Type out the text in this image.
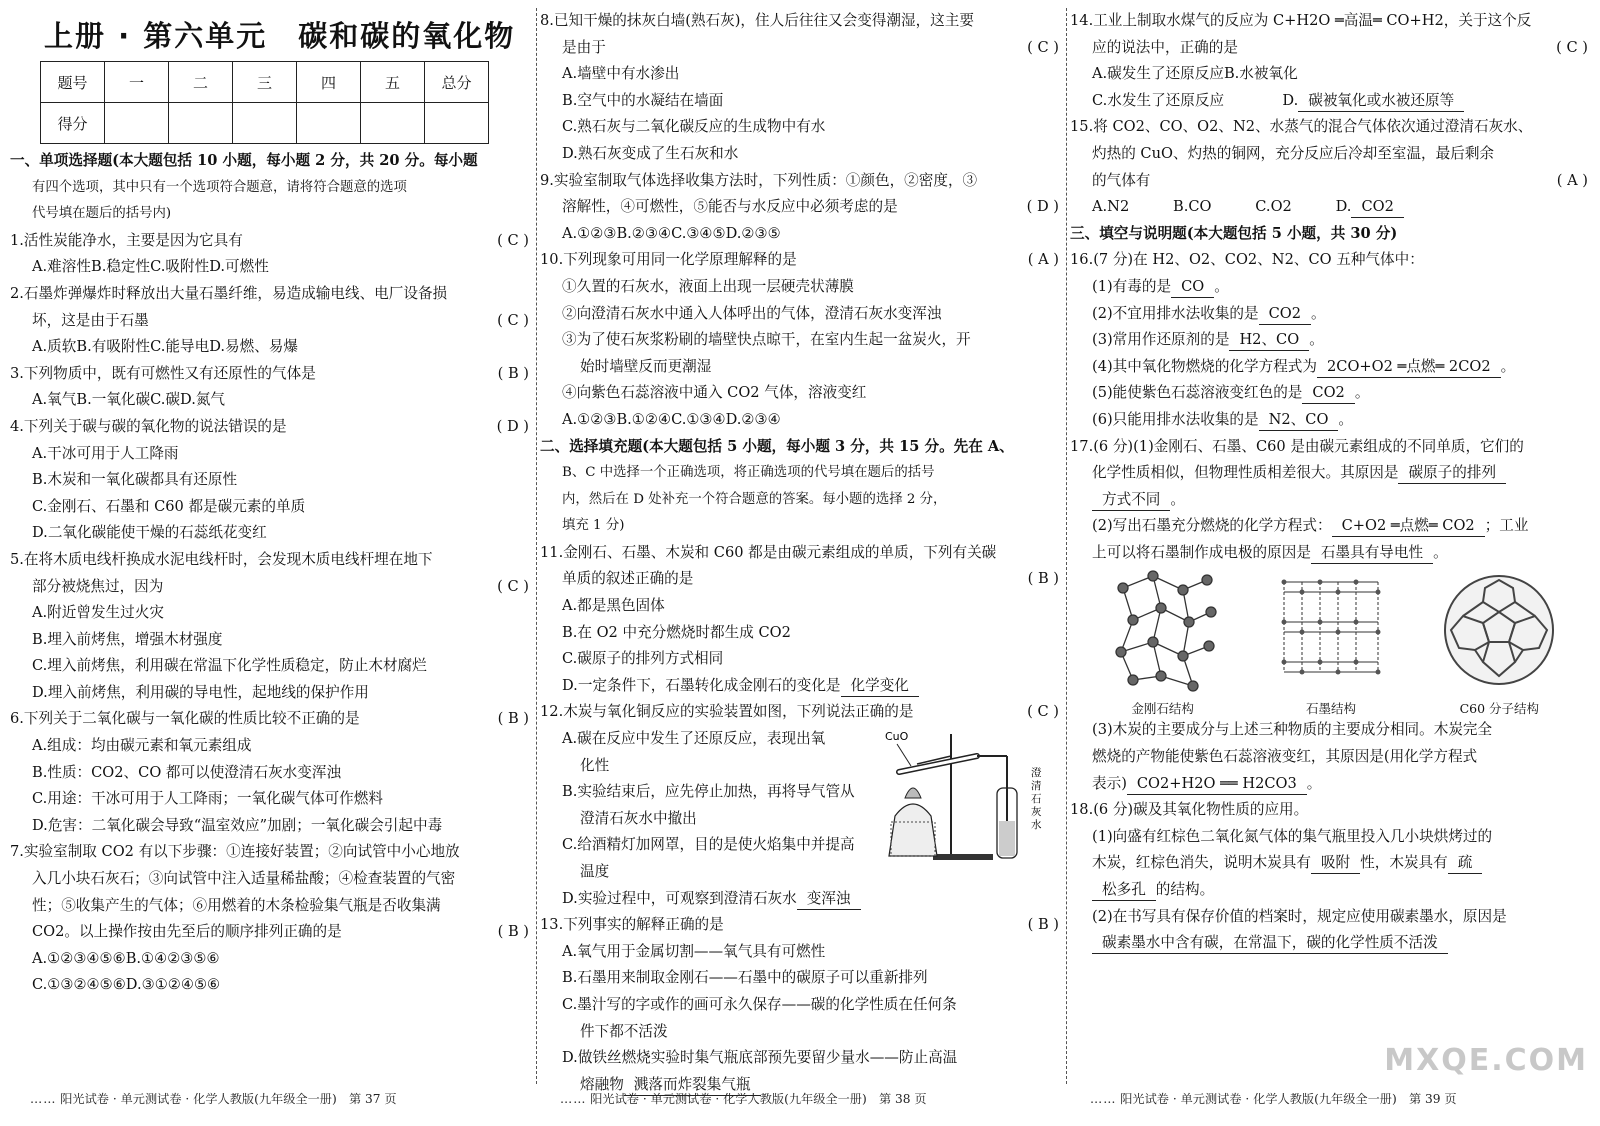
上册 · 第六单元　碳和碳的氧化物
题号	一	二	三	四	五	总分
得分						
一、单项选择题(本大题包括 10 小题，每小题 2 分，共 20 分。每小题
有四个选项，其中只有一个选项符合题意，请将符合题意的选项
代号填在题后的括号内)
1.活性炭能净水，主要是因为它具有	( C )
A.难溶性B.稳定性C.吸附性D.可燃性
2.石墨炸弹爆炸时释放出大量石墨纤维，易造成输电线、电厂设备损
坏，这是由于石墨	( C )
A.质软B.有吸附性C.能导电D.易燃、易爆
3.下列物质中，既有可燃性又有还原性的气体是	( B )
A.氧气B.一氧化碳C.碳D.氮气
4.下列关于碳与碳的氧化物的说法错误的是	( D )
A.干冰可用于人工降雨
B.木炭和一氧化碳都具有还原性
C.金刚石、石墨和 C60 都是碳元素的单质
D.二氧化碳能使干燥的石蕊纸花变红
5.在将木质电线杆换成水泥电线杆时，会发现木质电线杆埋在地下
部分被烧焦过，因为	( C )
A.附近曾发生过火灾
B.埋入前烤焦，增强木材强度
C.埋入前烤焦，利用碳在常温下化学性质稳定，防止木材腐烂
D.埋入前烤焦，利用碳的导电性，起地线的保护作用
6.下列关于二氧化碳与一氧化碳的性质比较不正确的是	( B )
A.组成：均由碳元素和氧元素组成
B.性质：CO2、CO 都可以使澄清石灰水变浑浊
C.用途：干冰可用于人工降雨；一氧化碳气体可作燃料
D.危害：二氧化碳会导致“温室效应”加剧；一氧化碳会引起中毒
7.实验室制取 CO2 有以下步骤：①连接好装置；②向试管中小心地放
入几小块石灰石；③向试管中注入适量稀盐酸；④检查装置的气密
性；⑤收集产生的气体；⑥用燃着的木条检验集气瓶是否收集满
CO2。以上操作按由先至后的顺序排列正确的是	( B )
A.①②③④⑤⑥B.①④②③⑤⑥
C.①③②④⑤⑥D.③①②④⑤⑥
8.已知干燥的抹灰白墙(熟石灰)，住人后往往又会变得潮湿，这主要
是由于	( C )
A.墙壁中有水渗出
B.空气中的水凝结在墙面
C.熟石灰与二氧化碳反应的生成物中有水
D.熟石灰变成了生石灰和水
9.实验室制取气体选择收集方法时，下列性质：①颜色，②密度，③
溶解性，④可燃性，⑤能否与水反应中必须考虑的是	( D )
A.①②③B.②③④C.③④⑤D.②③⑤
10.下列现象可用同一化学原理解释的是	( A )
①久置的石灰水，液面上出现一层硬壳状薄膜
②向澄清石灰水中通入人体呼出的气体，澄清石灰水变浑浊
③为了使石灰浆粉刷的墙壁快点晾干，在室内生起一盆炭火，开
始时墙壁反而更潮湿
④向紫色石蕊溶液中通入 CO2 气体，溶液变红
A.①②③B.①②④C.①③④D.②③④
二、选择填充题(本大题包括 5 小题，每小题 3 分，共 15 分。先在 A、
B、C 中选择一个正确选项，将正确选项的代号填在题后的括号
内，然后在 D 处补充一个符合题意的答案。每小题的选择 2 分，
填充 1 分)
11.金刚石、石墨、木炭和 C60 都是由碳元素组成的单质，下列有关碳
单质的叙述正确的是	( B )
A.都是黑色固体
B.在 O2 中充分燃烧时都生成 CO2
C.碳原子的排列方式相同
D.一定条件下，石墨转化成金刚石的变化是 化学变化
12.木炭与氧化铜反应的实验装置如图，下列说法正确的是	( C )
A.碳在反应中发生了还原反应，表现出氧
化性
B.实验结束后，应先停止加热，再将导气管从
澄清石灰水中撤出
C.给酒精灯加网罩，目的是使火焰集中并提高
温度
D.实验过程中，可观察到澄清石灰水 变浑浊
CuO
澄清石灰水
13.下列事实的解释正确的是	( B )
A.氧气用于金属切割——氧气具有可燃性
B.石墨用来制取金刚石——石墨中的碳原子可以重新排列
C.墨汁写的字或作的画可永久保存——碳的化学性质在任何条
件下都不活泼
D.做铁丝燃烧实验时集气瓶底部预先要留少量水——防止高温
熔融物 溅落而炸裂集气瓶
14.工业上制取水煤气的反应为 C+H2O ═高温═ CO+H2，关于这个反
应的说法中，正确的是	( C )
A.碳发生了还原反应B.水被氧化
C.水发生了还原反应　　　　D. 碳被氧化或水被还原等
15.将 CO2、CO、O2、N2、水蒸气的混合气体依次通过澄清石灰水、
灼热的 CuO、灼热的铜网，充分反应后冷却至室温，最后剩余
的气体有	( A )
A.N2　　　B.CO　　　C.O2　　　D. CO2
三、填空与说明题(本大题包括 5 小题，共 30 分)
16.(7 分)在 H2、O2、CO2、N2、CO 五种气体中：
(1)有毒的是 CO 。
(2)不宜用排水法收集的是 CO2 。
(3)常用作还原剂的是 H2、CO 。
(4)其中氧化物燃烧的化学方程式为 2CO+O2 ═点燃═ 2CO2 。
(5)能使紫色石蕊溶液变红色的是 CO2 。
(6)只能用排水法收集的是 N2、CO 。
17.(6 分)(1)金刚石、石墨、C60 是由碳元素组成的不同单质，它们的
化学性质相似，但物理性质相差很大。其原因是 碳原子的排列
方式不同 。
(2)写出石墨充分燃烧的化学方程式： C+O2 ═点燃═ CO2 ；工业
上可以将石墨制作成电极的原因是 石墨具有导电性 。
金刚石结构	石墨结构	C60 分子结构
(3)木炭的主要成分与上述三种物质的主要成分相同。木炭完全
燃烧的产物能使紫色石蕊溶液变红，其原因是(用化学方程式
表示) CO2+H2O ══ H2CO3 。
18.(6 分)碳及其氧化物性质的应用。
(1)向盛有红棕色二氧化氮气体的集气瓶里投入几小块烘烤过的
木炭，红棕色消失，说明木炭具有 吸附 性，木炭具有 疏
松多孔 的结构。
(2)在书写具有保存价值的档案时，规定应使用碳素墨水，原因是
碳素墨水中含有碳，在常温下，碳的化学性质不活泼
MXQE.COM
…… 阳光试卷 · 单元测试卷 · 化学人教版(九年级全一册)　第 37 页	…… 阳光试卷 · 单元测试卷 · 化学人教版(九年级全一册)　第 38 页	…… 阳光试卷 · 单元测试卷 · 化学人教版(九年级全一册)　第 39 页
